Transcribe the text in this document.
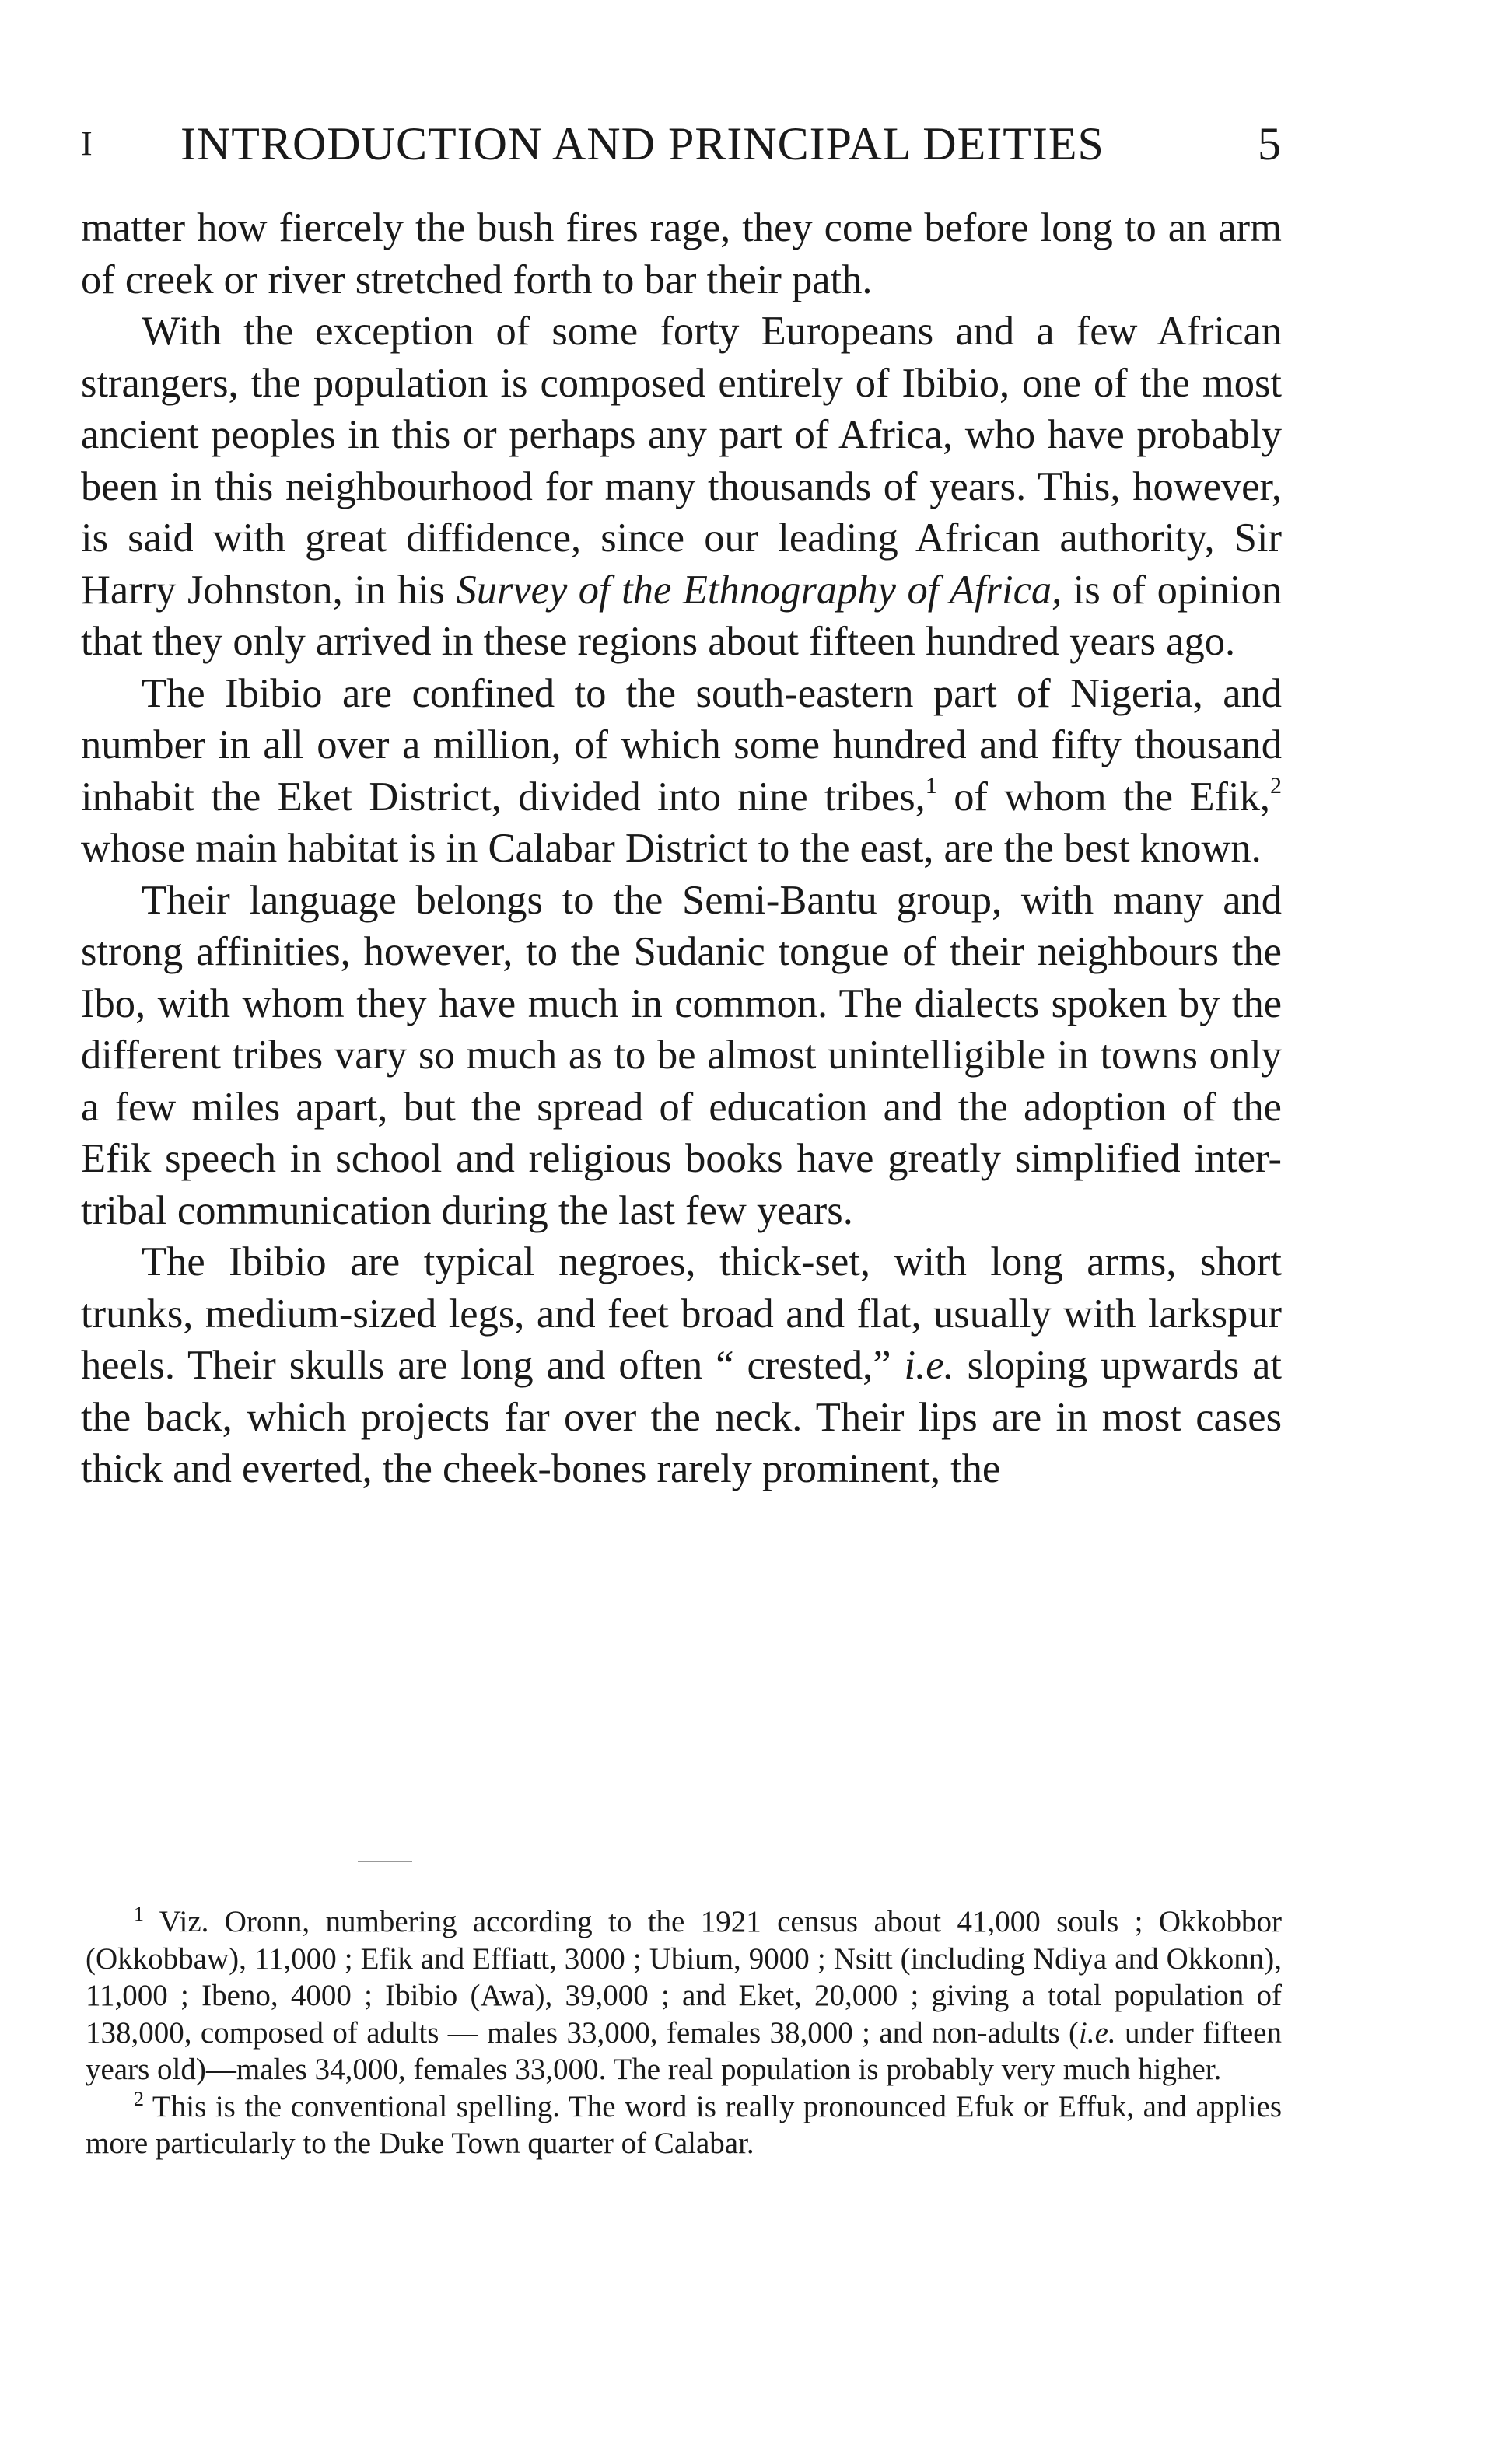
I INTRODUCTION AND PRINCIPAL DEITIES	5

matter how fiercely the bush fires rage, they come before long to an arm of creek or river stretched forth to bar their path.

With the exception of some forty Europeans and a few African strangers, the population is composed entirely of Ibibio, one of the most ancient peoples in this or perhaps any part of Africa, who have probably been in this neighbourhood for many thousands of years. This, however, is said with great diffidence, since our leading African authority, Sir Harry Johnston, in his Survey of the Ethnography of Africa, is of opinion that they only arrived in these regions about fifteen hundred years ago.

The Ibibio are confined to the south-eastern part of Nigeria, and number in all over a million, of which some hundred and fifty thousand inhabit the Eket District, divided into nine tribes,$^1$ of whom the Efik,$^2$ whose main habitat is in Calabar District to the east, are the best known.

Their language belongs to the Semi-Bantu group, with many and strong affinities, however, to the Sudanic tongue of their neighbours the Ibo, with whom they have much in common. The dialects spoken by the different tribes vary so much as to be almost unintelligible in towns only a few miles apart, but the spread of education and the adoption of the Efik speech in school and religious books have greatly simplified inter-tribal communication during the last few years.

The Ibibio are typical negroes, thick-set, with long arms, short trunks, medium-sized legs, and feet broad and flat, usually with larkspur heels. Their skulls are long and often “ crested,” i.e. sloping upwards at the back, which projects far over the neck. Their lips are in most cases thick and everted, the cheek-bones rarely prominent, the

$^1$ Viz. Oronn, numbering according to the 1921 census about 41,000 souls ; Okkobbor (Okkobbaw), 11,000 ; Efik and Effiatt, 3000 ; Ubium, 9000 ; Nsitt (including Ndiya and Okkonn), 11,000 ; Ibeno, 4000 ; Ibibio (Awa), 39,000 ; and Eket, 20,000 ; giving a total population of 138,000, composed of adults — males 33,000, females 38,000 ; and non-adults (i.e. under fifteen years old)—males 34,000, females 33,000. The real population is probably very much higher.

$^2$ This is the conventional spelling. The word is really pronounced Efuk or Effuk, and applies more particularly to the Duke Town quarter of Calabar.
